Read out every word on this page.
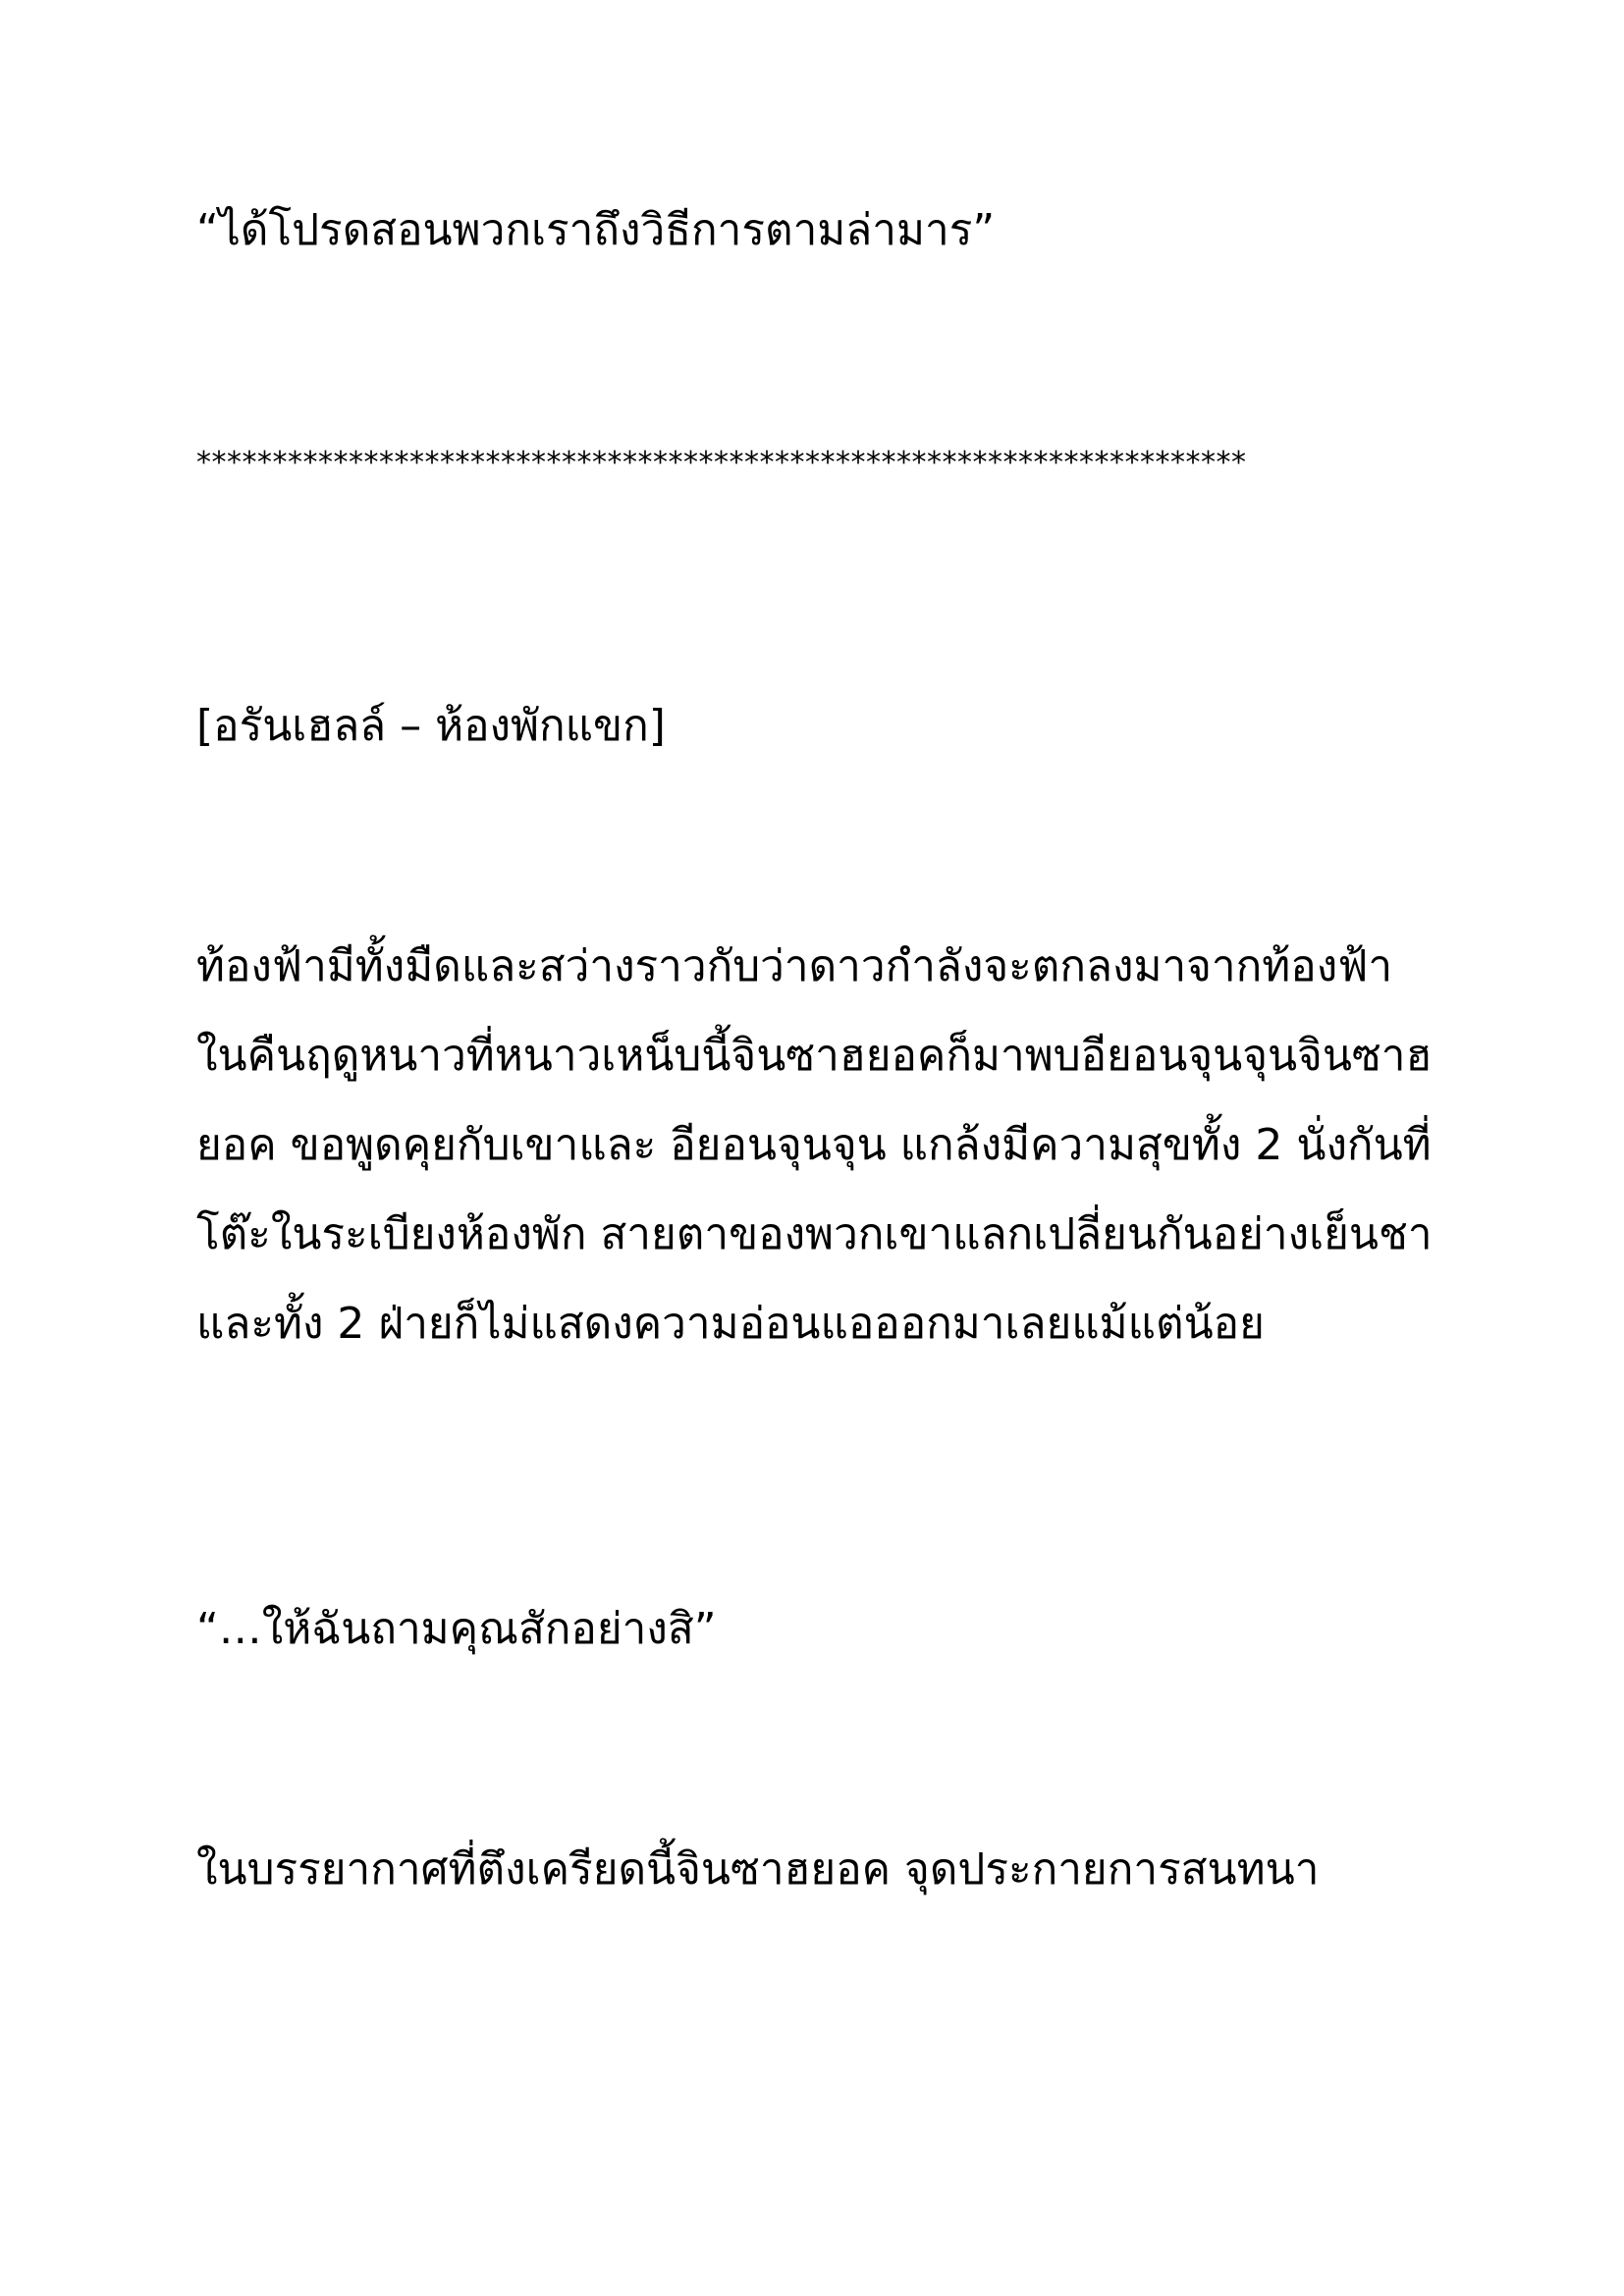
“ได้โปรดสอนพวกเราถึงวิธีการตามล่ามาร”

*********************************************************************

[อรันเฮลล์ – ห้องพักแขก]

ท้องฟ้ามีทั้งมืดและสว่างราวกับว่าดาวกำลังจะตกลงมาจากท้องฟ้า
ในคืนฤดูหนาวที่หนาวเหน็บนี้จินซาฮยอคก็มาพบอียอนจุนจุนจินซาฮ
ยอค ขอพูดคุยกับเขาและ อียอนจุนจุน แกล้งมีความสุขทั้ง 2 นั่งกันที่
โต๊ะในระเบียงห้องพัก สายตาของพวกเขาแลกเปลี่ยนกันอย่างเย็นชา
และทั้ง 2 ฝ่ายก็ไม่แสดงความอ่อนแอออกมาเลยแม้แต่น้อย

“…ให้ฉันถามคุณสักอย่างสิ”

ในบรรยากาศที่ตึงเครียดนี้จินซาฮยอค จุดประกายการสนทนา
